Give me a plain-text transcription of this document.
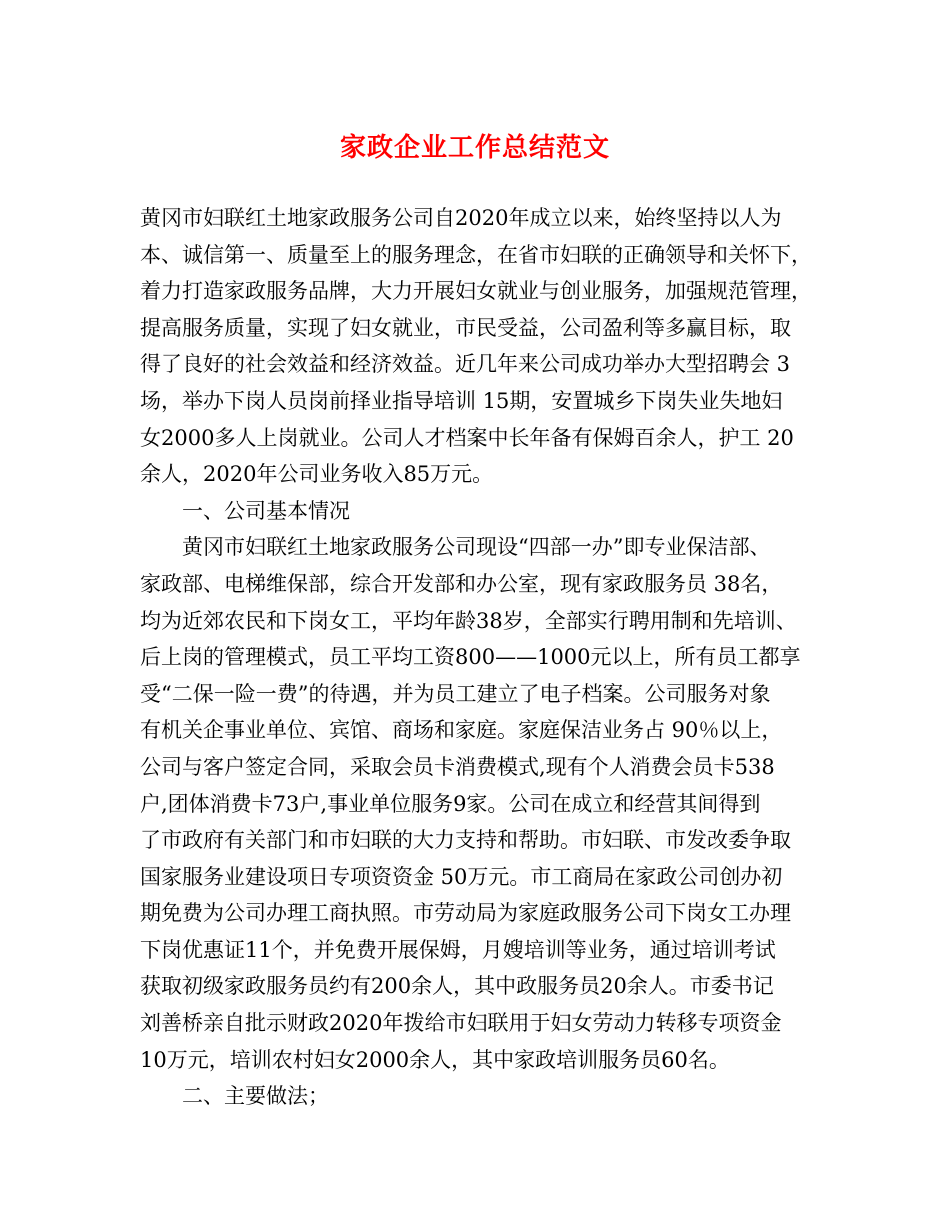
家政企业工作总结范文
黄冈市妇联红土地家政服务公司自2020年成立以来，始终坚持以人为
本、诚信第一、质量至上的服务理念，在省市妇联的正确领导和关怀下，
着力打造家政服务品牌，大力开展妇女就业与创业服务，加强规范管理，
提高服务质量，实现了妇女就业，市民受益，公司盈利等多赢目标，取
得了良好的社会效益和经济效益。近几年来公司成功举办大型招聘会 3
场，举办下岗人员岗前择业指导培训 15期，安置城乡下岗失业失地妇
女2000多人上岗就业。公司人才档案中长年备有保姆百余人，护工 20
余人，2020年公司业务收入85万元。
一、公司基本情况
黄冈市妇联红土地家政服务公司现设“四部一办”即专业保洁部、
家政部、电梯维保部，综合开发部和办公室，现有家政服务员 38名，
均为近郊农民和下岗女工，平均年龄38岁，全部实行聘用制和先培训、
后上岗的管理模式，员工平均工资800——1000元以上，所有员工都享
受“二保一险一费”的待遇，并为员工建立了电子档案。公司服务对象
有机关企事业单位、宾馆、商场和家庭。家庭保洁业务占 90％以上，
公司与客户签定合同，采取会员卡消费模式,现有个人消费会员卡538
户,团体消费卡73户,事业单位服务9家。公司在成立和经营其间得到
了市政府有关部门和市妇联的大力支持和帮助。市妇联、市发改委争取
国家服务业建设项日专项资资金 50万元。市工商局在家政公司创办初
期免费为公司办理工商执照。市劳动局为家庭政服务公司下岗女工办理
下岗优惠证11个，并免费开展保姆，月嫂培训等业务，通过培训考试
获取初级家政服务员约有200余人，其中政服务员20余人。市委书记
刘善桥亲自批示财政2020年拨给市妇联用于妇女劳动力转移专项资金
10万元，培训农村妇女2000余人，其中家政培训服务员60名。
二、主要做法；
